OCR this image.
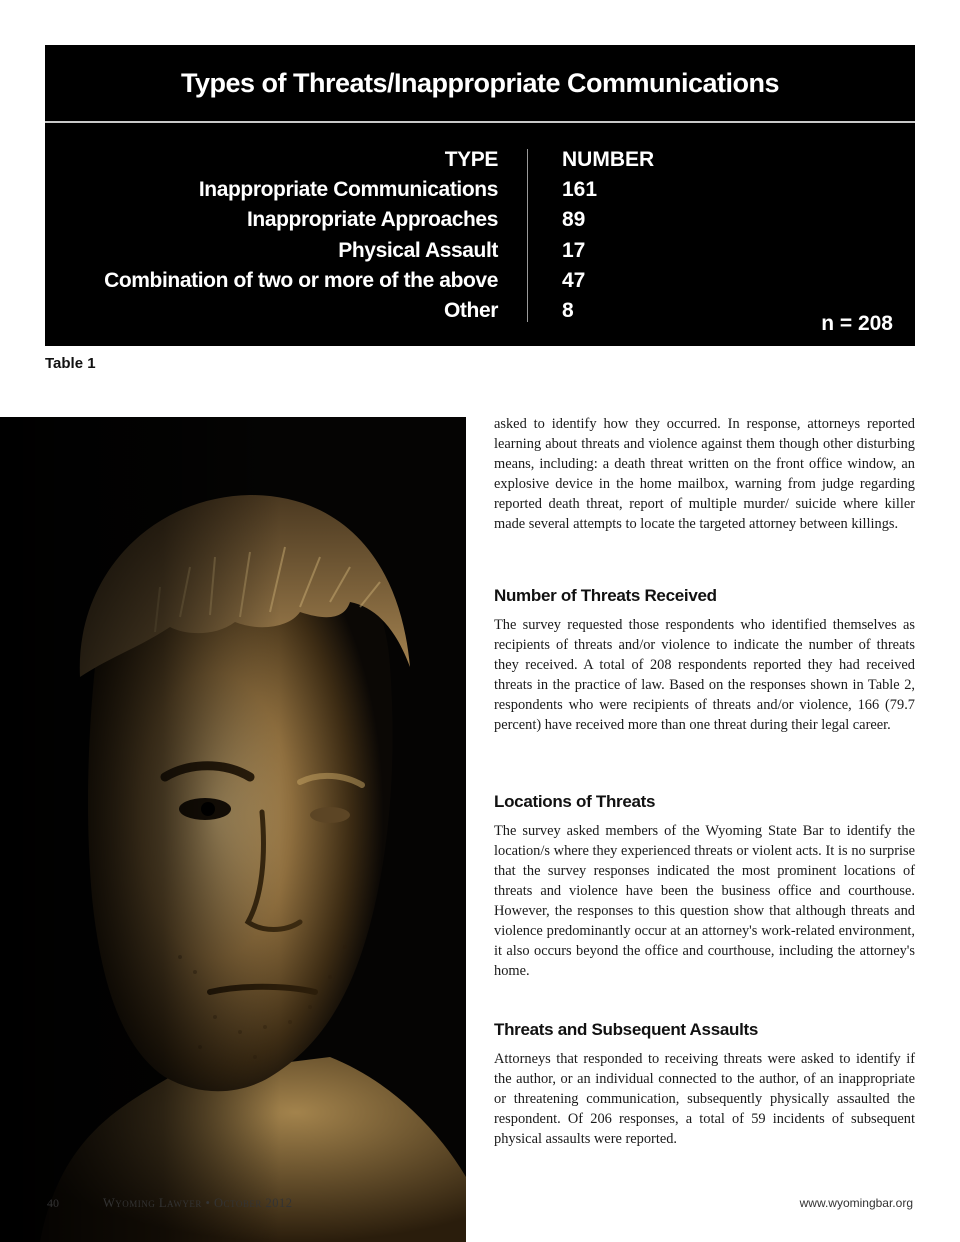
Types of Threats/Inappropriate Communications
TYPE
Inappropriate Communications
Inappropriate Approaches
Physical Assault
Combination of two or more of the above
Other
NUMBER
161
89
17
47
8
n = 208
Table 1

asked to identify how they occurred. In response, attorneys reported learning about threats and violence against them though other disturbing means, including: a death threat written on the front office window, an explosive device in the home mailbox, warning from judge regarding reported death threat, report of multiple murder/ suicide where killer made several attempts to locate the targeted attorney between killings.

Number of Threats Received

The survey requested those respondents who identified themselves as recipients of threats and/or violence to indicate the number of threats they received. A total of 208 respondents reported they had received threats in the practice of law. Based on the responses shown in Table 2, respondents who were recipients of threats and/or violence, 166 (79.7 percent) have received more than one threat during their legal career.

Locations of Threats

The survey asked members of the Wyoming State Bar to identify the location/s where they experienced threats or violent acts. It is no surprise that the survey responses indicated the most prominent locations of threats and violence have been the business office and courthouse. However, the responses to this question show that although threats and violence predominantly occur at an attorney's work-related environment, it also occurs beyond the office and courthouse, including the attorney's home.

Threats and Subsequent Assaults

Attorneys that responded to receiving threats were asked to identify if the author, or an individual connected to the author, of an inappropriate or threatening communication, subsequently physically assaulted the respondent. Of 206 responses, a total of 59 incidents of subsequent physical assaults were reported.

40	Wyoming Lawyer • October 2012	www.wyomingbar.org
